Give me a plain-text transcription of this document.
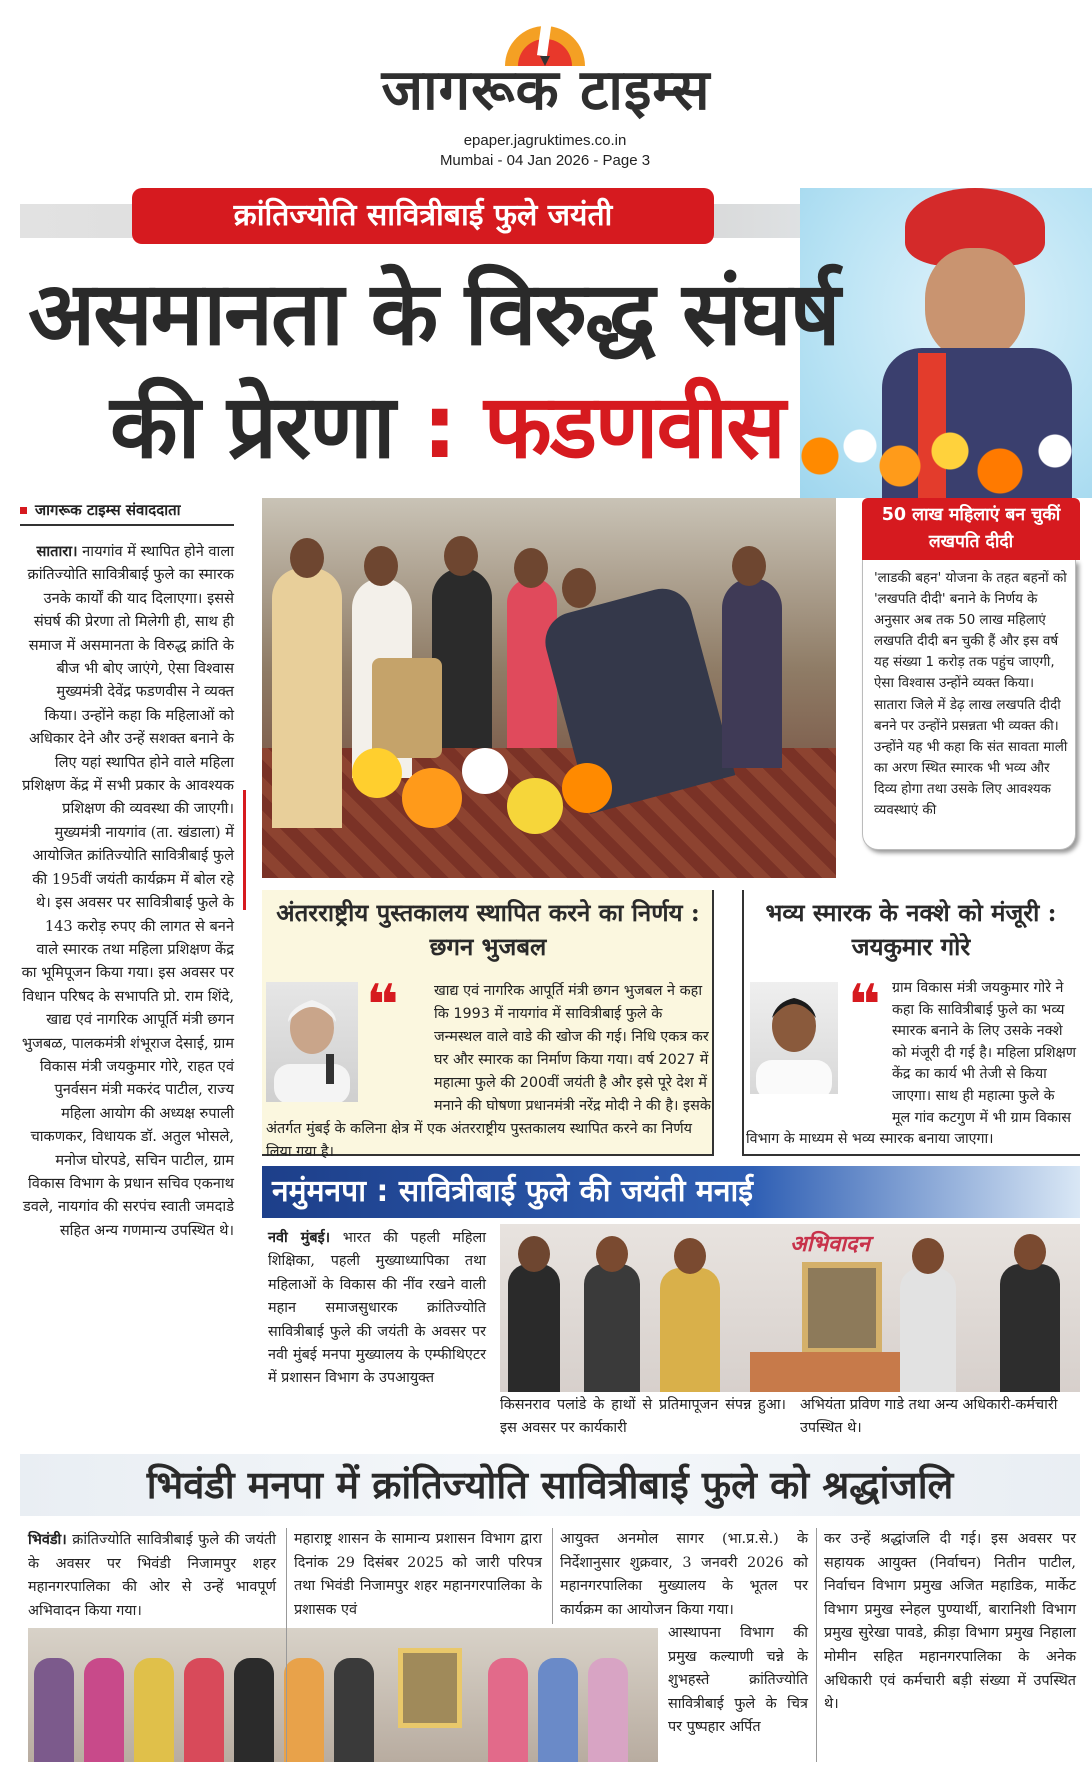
जागरूक टाइम्स
epaper.jagruktimes.co.in
Mumbai - 04 Jan 2026 - Page 3
क्रांतिज्योति सावित्रीबाई फुले जयंती
असमानता के विरुद्ध संघर्ष
की प्रेरणा : फडणवीस
जागरूक टाइम्स संवाददाता
सातारा। नायगांव में स्थापित होने वाला क्रांतिज्योति सावित्रीबाई फुले का स्मारक उनके कार्यों की याद दिलाएगा। इससे संघर्ष की प्रेरणा तो मिलेगी ही, साथ ही समाज में असमानता के विरुद्ध क्रांति के बीज भी बोए जाएंगे, ऐसा विश्वास मुख्यमंत्री देवेंद्र फडणवीस ने व्यक्त किया। उन्होंने कहा कि महिलाओं को अधिकार देने और उन्हें सशक्त बनाने के लिए यहां स्थापित होने वाले महिला प्रशिक्षण केंद्र में सभी प्रकार के आवश्यक प्रशिक्षण की व्यवस्था की जाएगी। मुख्यमंत्री नायगांव (ता. खंडाला) में आयोजित क्रांतिज्योति सावित्रीबाई फुले की 195वीं जयंती कार्यक्रम में बोल रहे थे। इस अवसर पर सावित्रीबाई फुले के 143 करोड़ रुपए की लागत से बनने वाले स्मारक तथा महिला प्रशिक्षण केंद्र का भूमिपूजन किया गया। इस अवसर पर विधान परिषद के सभापति प्रो. राम शिंदे, खाद्य एवं नागरिक आपूर्ति मंत्री छगन भुजबळ, पालकमंत्री शंभूराज देसाई, ग्राम विकास मंत्री जयकुमार गोरे, राहत एवं पुनर्वसन मंत्री मकरंद पाटील, राज्य महिला आयोग की अध्यक्ष रुपाली चाकणकर, विधायक डॉ. अतुल भोसले, मनोज घोरपडे, सचिन पाटील, ग्राम विकास विभाग के प्रधान सचिव एकनाथ डवले, नायगांव की सरपंच स्वाती जमदाडे सहित अन्य गणमान्य उपस्थित थे।
50 लाख महिलाएं बन चुकीं लखपति दीदी
'लाडकी बहन' योजना के तहत बहनों को 'लखपति दीदी' बनाने के निर्णय के अनुसार अब तक 50 लाख महिलाएं लखपति दीदी बन चुकी हैं और इस वर्ष यह संख्या 1 करोड़ तक पहुंच जाएगी, ऐसा विश्वास उन्होंने व्यक्त किया। सातारा जिले में डेढ़ लाख लखपति दीदी बनने पर उन्होंने प्रसन्नता भी व्यक्त की। उन्होंने यह भी कहा कि संत सावता माली का अरण स्थित स्मारक भी भव्य और दिव्य होगा तथा उसके लिए आवश्यक व्यवस्थाएं की
अंतरराष्ट्रीय पुस्तकालय स्थापित करने का निर्णय : छगन भुजबल
खाद्य एवं नागरिक आपूर्ति मंत्री छगन भुजबल ने कहा कि 1993 में नायगांव में सावित्रीबाई फुले के जन्मस्थल वाले वाडे की खोज की गई। निधि एकत्र कर घर और स्मारक का निर्माण किया गया। वर्ष 2027 में महात्मा फुले की 200वीं जयंती है और इसे पूरे देश में मनाने की घोषणा प्रधानमंत्री नरेंद्र मोदी ने की है। इसके अंतर्गत मुंबई के कलिना क्षेत्र में एक अंतरराष्ट्रीय पुस्तकालय स्थापित करने का निर्णय लिया गया है।
❝
भव्य स्मारक के नक्शे को मंजूरी : जयकुमार गोरे
ग्राम विकास मंत्री जयकुमार गोरे ने कहा कि सावित्रीबाई फुले का भव्य स्मारक बनाने के लिए उसके नक्शे को मंजूरी दी गई है। महिला प्रशिक्षण केंद्र का कार्य भी तेजी से किया जाएगा। साथ ही महात्मा फुले के मूल गांव कटगुण में भी ग्राम विकास विभाग के माध्यम से भव्य स्मारक बनाया जाएगा।
❝
नमुंमनपा : सावित्रीबाई फुले की जयंती मनाई
नवी मुंबई। भारत की पहली महिला शिक्षिका, पहली मुख्याध्यापिका तथा महिलाओं के विकास की नींव रखने वाली महान समाजसुधारक क्रांतिज्योति सावित्रीबाई फुले की जयंती के अवसर पर नवी मुंबई मनपा मुख्यालय के एम्फीथिएटर में प्रशासन विभाग के उपआयुक्त
अभिवादन
किसनराव पलांडे के हाथों से प्रतिमापूजन संपन्न हुआ। इस अवसर पर कार्यकारी
अभियंता प्रविण गाडे तथा अन्य अधिकारी-कर्मचारी उपस्थित थे।
भिवंडी मनपा में क्रांतिज्योति सावित्रीबाई फुले को श्रद्धांजलि
भिवंडी। क्रांतिज्योति सावित्रीबाई फुले की जयंती के अवसर पर भिवंडी निजामपुर शहर महानगरपालिका की ओर से उन्हें भावपूर्ण अभिवादन किया गया।
महाराष्ट्र शासन के सामान्य प्रशासन विभाग द्वारा दिनांक 29 दिसंबर 2025 को जारी परिपत्र तथा भिवंडी निजामपुर शहर महानगरपालिका के प्रशासक एवं
आयुक्त अनमोल सागर (भा.प्र.से.) के निर्देशानुसार शुक्रवार, 3 जनवरी 2026 को महानगरपालिका मुख्यालय के भूतल पर कार्यक्रम का आयोजन किया गया।
आस्थापना विभाग की प्रमुख कल्याणी चन्ने के शुभहस्ते क्रांतिज्योति सावित्रीबाई फुले के चित्र पर पुष्पहार अर्पित
कर उन्हें श्रद्धांजलि दी गई। इस अवसर पर सहायक आयुक्त (निर्वाचन) नितीन पाटील, निर्वाचन विभाग प्रमुख अजित महाडिक, मार्केट विभाग प्रमुख स्नेहल पुण्यार्थी, बारानिशी विभाग प्रमुख सुरेखा पावडे, क्रीड़ा विभाग प्रमुख निहाला मोमीन सहित महानगरपालिका के अनेक अधिकारी एवं कर्मचारी बड़ी संख्या में उपस्थित थे।
